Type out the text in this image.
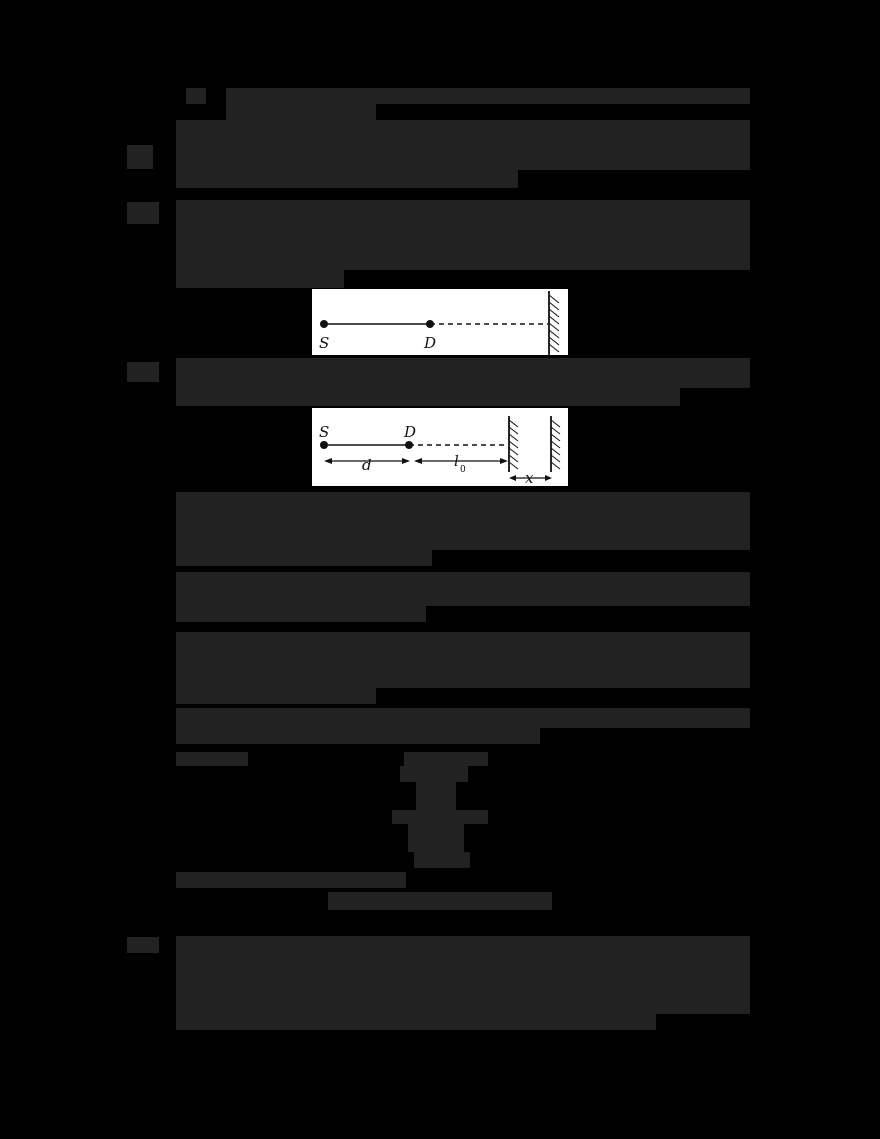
S	D
S	D
d	l 0	x
